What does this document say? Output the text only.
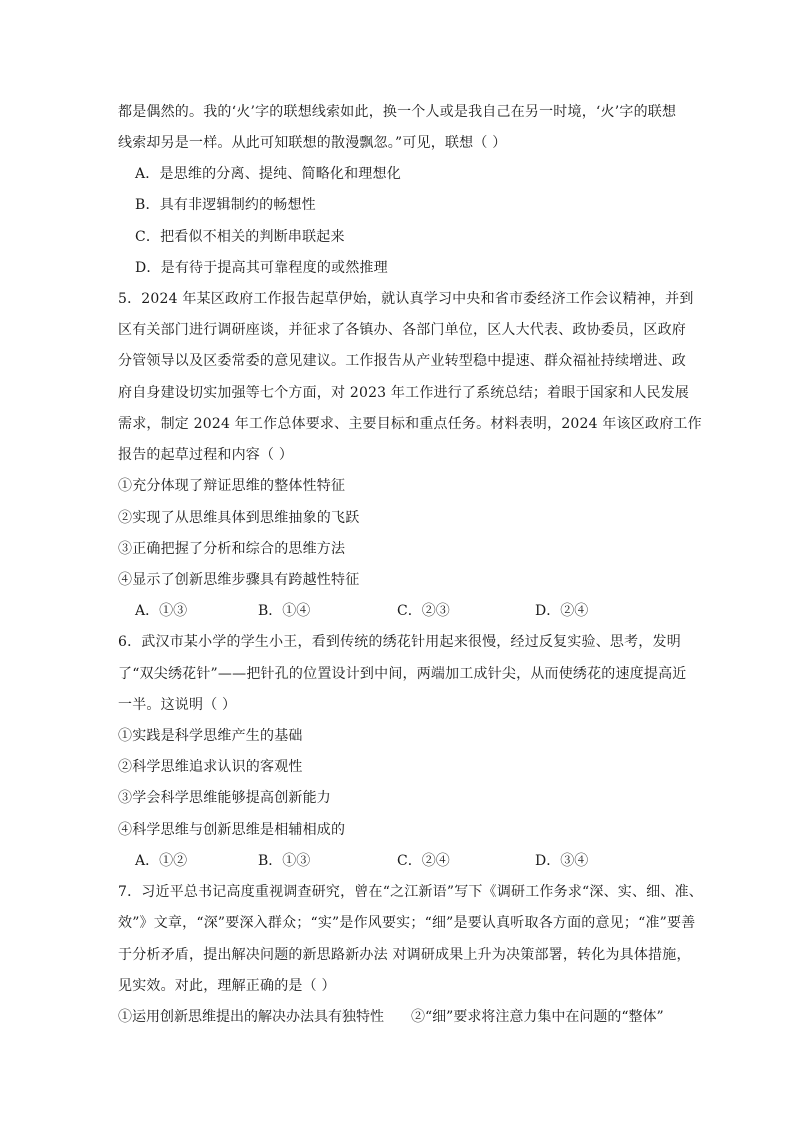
都是偶然的。我的‘火’字的联想线索如此，换一个人或是我自己在另一时境，‘火’字的联想
线索却另是一样。从此可知联想的散漫飘忽。”可见，联想（ ）
A．是思维的分离、提纯、简略化和理想化
B．具有非逻辑制约的畅想性
C．把看似不相关的判断串联起来
D．是有待于提高其可靠程度的或然推理
5．2024 年某区政府工作报告起草伊始，就认真学习中央和省市委经济工作会议精神，并到
区有关部门进行调研座谈，并征求了各镇办、各部门单位，区人大代表、政协委员，区政府
分管领导以及区委常委的意见建议。工作报告从产业转型稳中提速、群众福祉持续增进、政
府自身建设切实加强等七个方面，对 2023 年工作进行了系统总结；着眼于国家和人民发展
需求，制定 2024 年工作总体要求、主要目标和重点任务。材料表明，2024 年该区政府工作
报告的起草过程和内容（ ）
①充分体现了辩证思维的整体性特征
②实现了从思维具体到思维抽象的飞跃
③正确把握了分析和综合的思维方法
④显示了创新思维步骤具有跨越性特征
A．①③	B．①④	C．②③	D．②④
6．武汉市某小学的学生小王，看到传统的绣花针用起来很慢，经过反复实验、思考，发明
了“双尖绣花针”——把针孔的位置设计到中间，两端加工成针尖，从而使绣花的速度提高近
一半。这说明（ ）
①实践是科学思维产生的基础
②科学思维追求认识的客观性
③学会科学思维能够提高创新能力
④科学思维与创新思维是相辅相成的
A．①②	B．①③	C．②④	D．③④
7．习近平总书记高度重视调查研究，曾在“之江新语”写下《调研工作务求“深、实、细、准、
效”》文章，“深”要深入群众；“实”是作风要实；“细”是要认真听取各方面的意见；“准”要善
于分析矛盾，提出解决问题的新思路新办法 对调研成果上升为决策部署，转化为具体措施，
见实效。对此，理解正确的是（ ）
①运用创新思维提出的解决办法具有独特性 ②“细”要求将注意力集中在问题的“整体”
